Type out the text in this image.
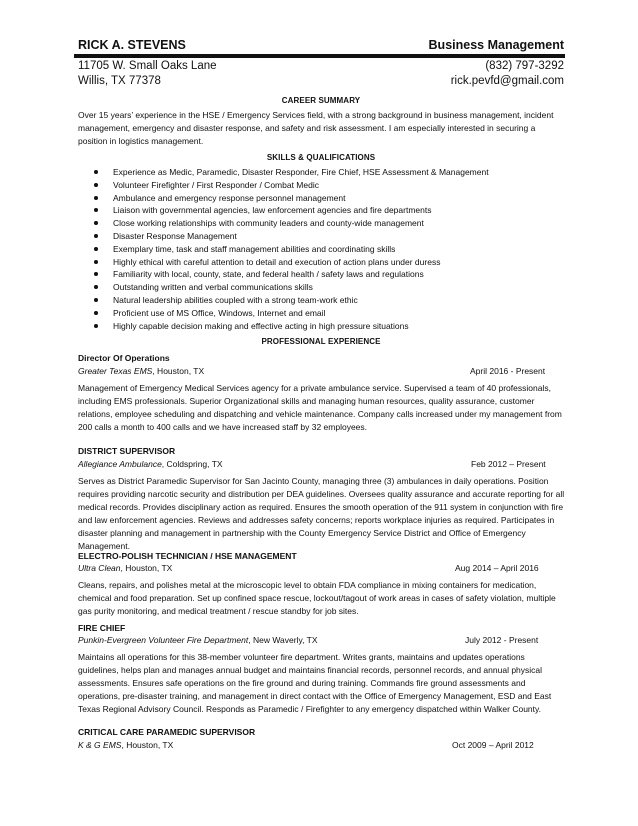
RICK A. STEVENS	Business Management
11705 W. Small Oaks Lane	(832) 797-3292
Willis, TX 77378	rick.pevfd@gmail.com
CAREER SUMMARY
Over 15 years’ experience in the HSE / Emergency Services field, with a strong background in business management, incident management, emergency and disaster response, and safety and risk assessment. I am especially interested in securing a position in logistics management.
SKILLS & QUALIFICATIONS
Experience as Medic, Paramedic, Disaster Responder, Fire Chief, HSE Assessment & Management
Volunteer Firefighter / First Responder / Combat Medic
Ambulance and emergency response personnel management
Liaison with governmental agencies, law enforcement agencies and fire departments
Close working relationships with community leaders and county-wide management
Disaster Response Management
Exemplary time, task and staff management abilities and coordinating skills
Highly ethical with careful attention to detail and execution of action plans under duress
Familiarity with local, county, state, and federal health / safety laws and regulations
Outstanding written and verbal communications skills
Natural leadership abilities coupled with a strong team-work ethic
Proficient use of MS Office, Windows, Internet and email
Highly capable decision making and effective acting in high pressure situations
PROFESSIONAL EXPERIENCE
Director Of Operations
Greater Texas EMS, Houston, TX	April 2016 - Present
Management of Emergency Medical Services agency for a private ambulance service. Supervised a team of 40 professionals, including EMS professionals. Superior Organizational skills and managing human resources, quality assurance, customer relations, employee scheduling and dispatching and vehicle maintenance. Company calls increased under my management from 200 calls a month to 400 calls and we have increased staff by 32 employees.
DISTRICT SUPERVISOR
Allegiance Ambulance, Coldspring, TX	Feb 2012 – Present
Serves as District Paramedic Supervisor for San Jacinto County, managing three (3) ambulances in daily operations. Position requires providing narcotic security and distribution per DEA guidelines. Oversees quality assurance and accurate reporting for all medical records. Provides disciplinary action as required. Ensures the smooth operation of the 911 system in conjunction with fire and law enforcement agencies. Reviews and addresses safety concerns; reports workplace injuries as required. Participates in disaster planning and management in partnership with the County Emergency Service District and Office of Emergency Management.
ELECTRO-POLISH TECHNICIAN / HSE MANAGEMENT
Ultra Clean, Houston, TX	Aug 2014 – April 2016
Cleans, repairs, and polishes metal at the microscopic level to obtain FDA compliance in mixing containers for medication, chemical and food preparation. Set up confined space rescue, lockout/tagout of work areas in cases of safety violation, multiple gas purity monitoring, and medical treatment / rescue standby for job sites.
FIRE CHIEF
Punkin-Evergreen Volunteer Fire Department, New Waverly, TX	July 2012 - Present
Maintains all operations for this 38-member volunteer fire department. Writes grants, maintains and updates operations guidelines, helps plan and manages annual budget and maintains financial records, personnel records, and annual physical assessments. Ensures safe operations on the fire ground and during training. Commands fire ground assessments and operations, pre-disaster training, and management in direct contact with the Office of Emergency Management, ESD and East Texas Regional Advisory Council. Responds as Paramedic / Firefighter to any emergency dispatched within Walker County.
CRITICAL CARE PARAMEDIC SUPERVISOR
K & G EMS, Houston, TX	Oct 2009 – April 2012
